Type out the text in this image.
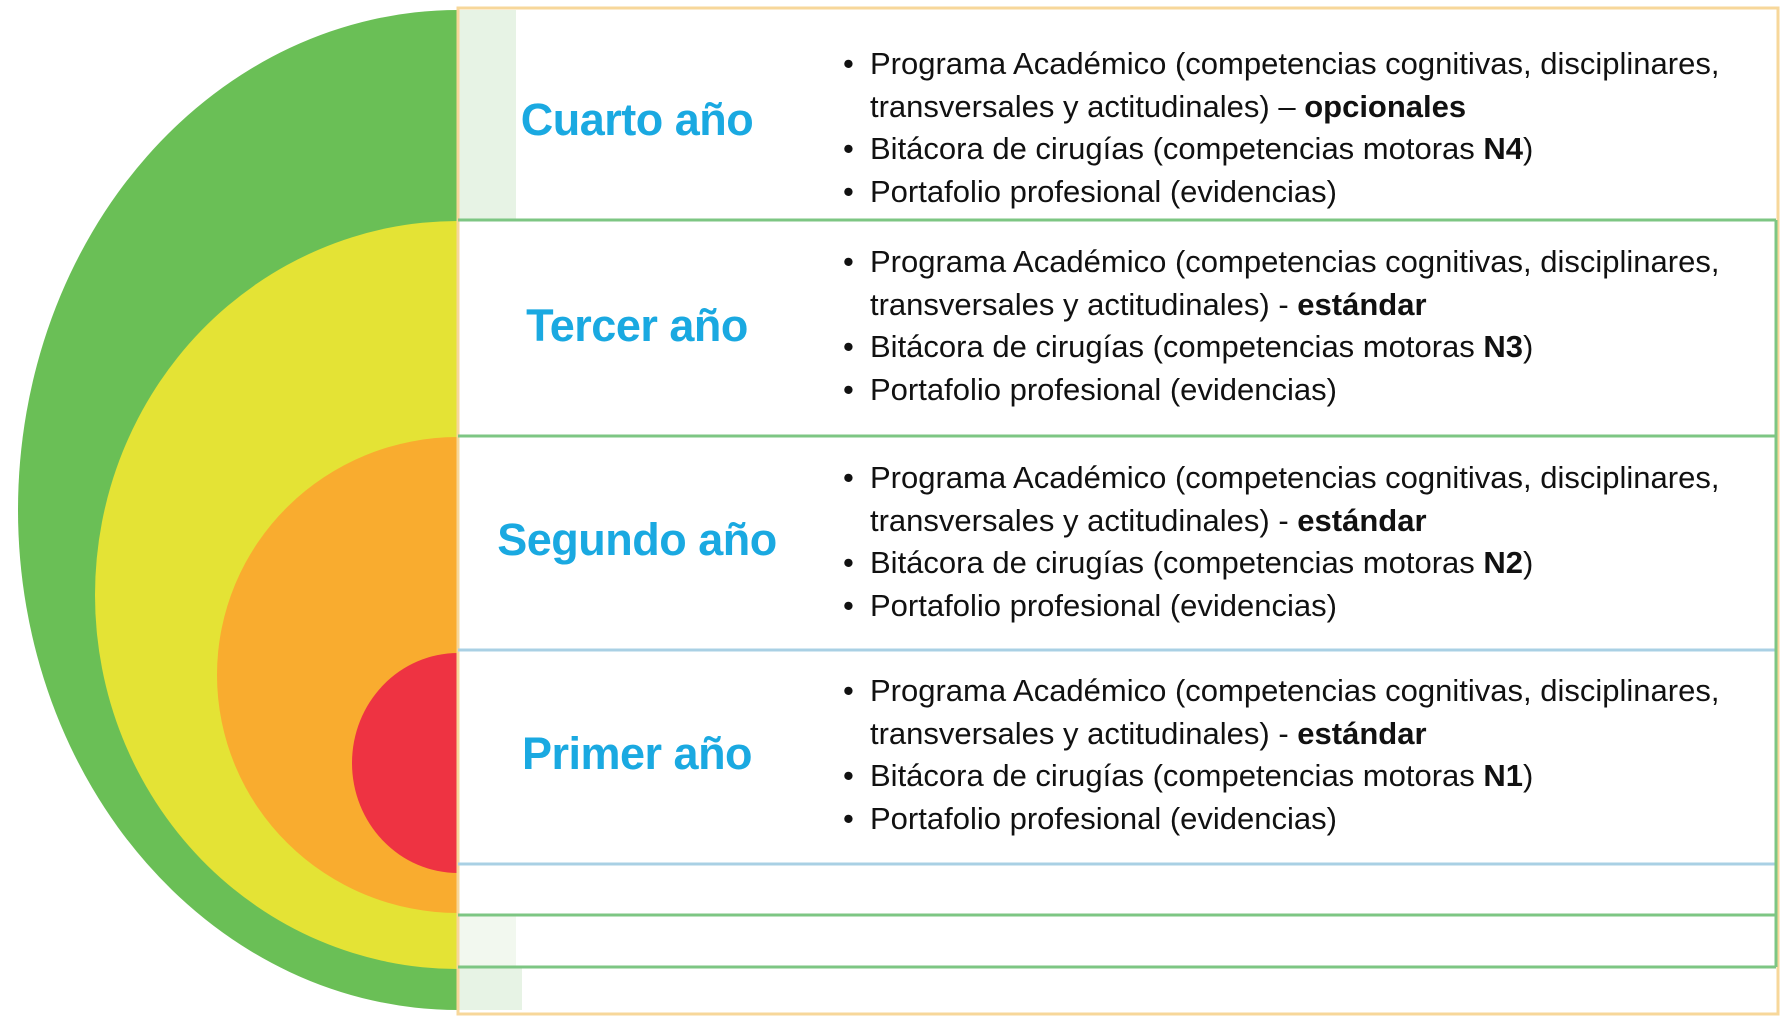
Cuarto año
• Programa Académico (competencias cognitivas, disciplinares,
transversales y actitudinales) – opcionales
• Bitácora de cirugías (competencias motoras N4)
• Portafolio profesional (evidencias)
Tercer año
• Programa Académico (competencias cognitivas, disciplinares,
transversales y actitudinales) - estándar
• Bitácora de cirugías (competencias motoras N3)
• Portafolio profesional (evidencias)
Segundo año
• Programa Académico (competencias cognitivas, disciplinares,
transversales y actitudinales) - estándar
• Bitácora de cirugías (competencias motoras N2)
• Portafolio profesional (evidencias)
Primer año
• Programa Académico (competencias cognitivas, disciplinares,
transversales y actitudinales) - estándar
• Bitácora de cirugías (competencias motoras N1)
• Portafolio profesional (evidencias)
